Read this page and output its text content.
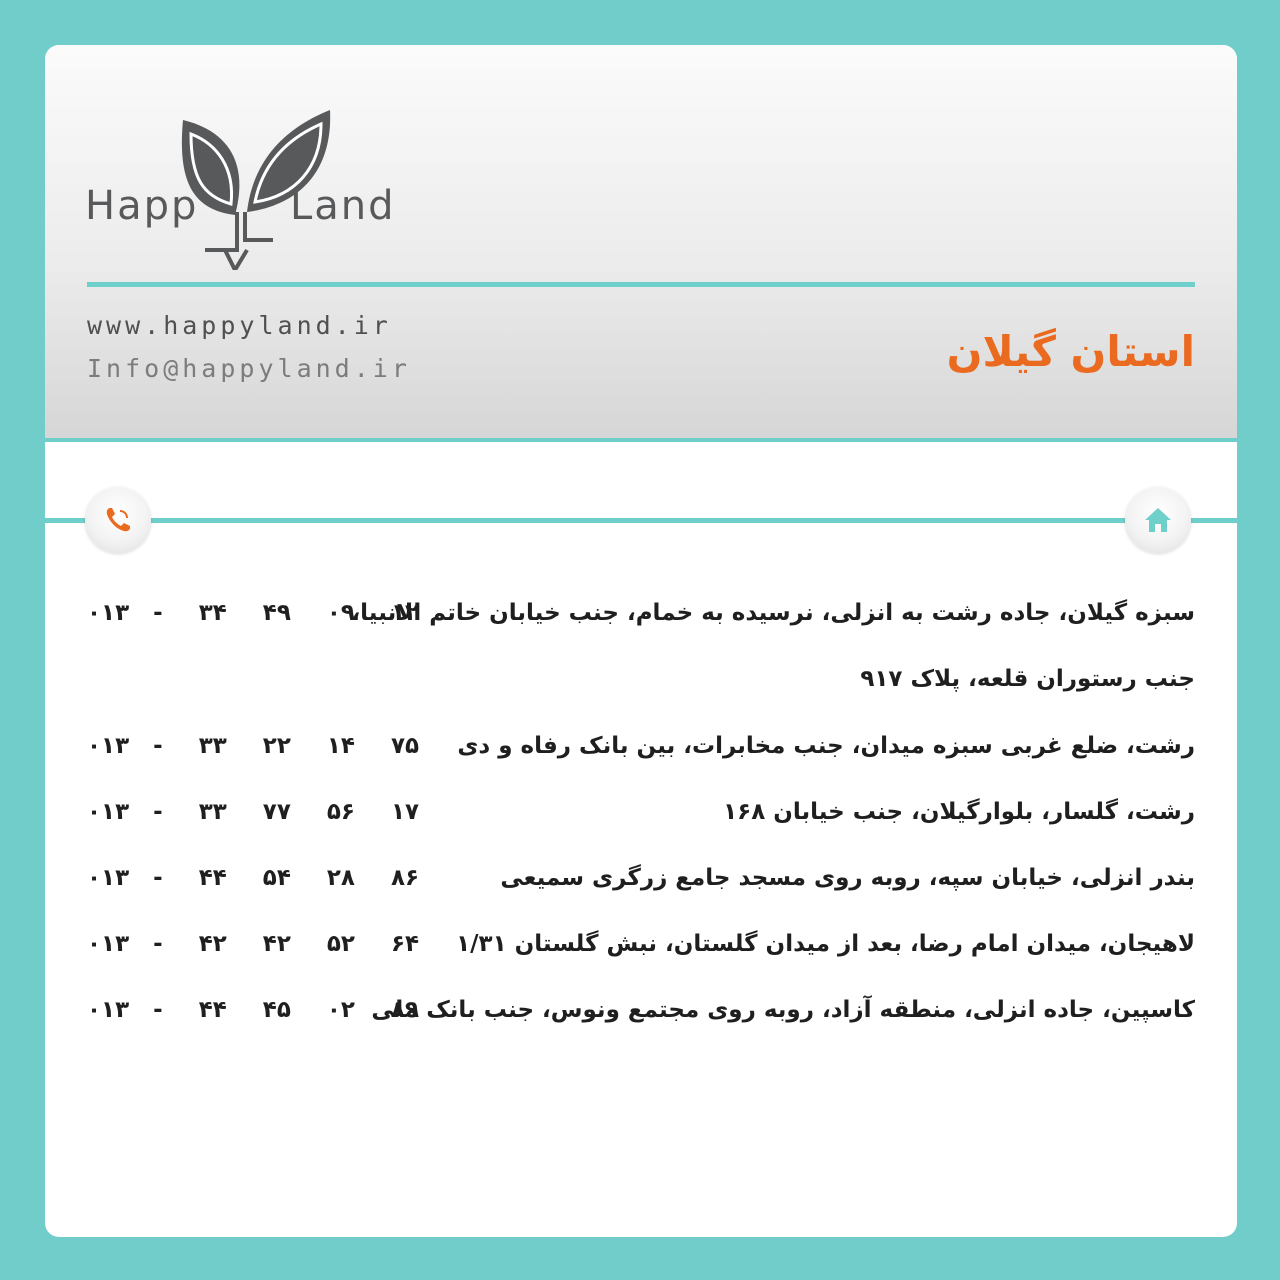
Happ Land
www.happyland.ir
Info@happyland.ir	استان گیلان
سبزه گیلان، جاده رشت به انزلی، نرسیده به خمام، جنب خیابان خاتم الانبیا،
۰۱۳  -   ۳۴   ۴۹   ۰۹   ۱۲
جنب رستوران قلعه، پلاک ۹۱۷
رشت، ضلع غربی سبزه میدان، جنب مخابرات، بین بانک رفاه و دی
۰۱۳  -   ۳۳   ۲۲   ۱۴   ۷۵
رشت، گلسار، بلوارگیلان، جنب خیابان ۱۶۸
۰۱۳  -   ۳۳   ۷۷   ۵۶   ۱۷
بندر انزلی، خیابان سپه، روبه روی مسجد جامع زرگری سمیعی
۰۱۳  -   ۴۴   ۵۴   ۲۸   ۸۶
لاهیجان، میدان امام رضا، بعد از میدان گلستان، نبش گلستان ۱/۳۱
۰۱۳  -   ۴۲   ۴۲   ۵۲   ۶۴
کاسپین، جاده انزلی، منطقه آزاد، روبه روی مجتمع ونوس، جنب بانک ملی
۰۱۳  -   ۴۴   ۴۵   ۰۲   ۸۹
